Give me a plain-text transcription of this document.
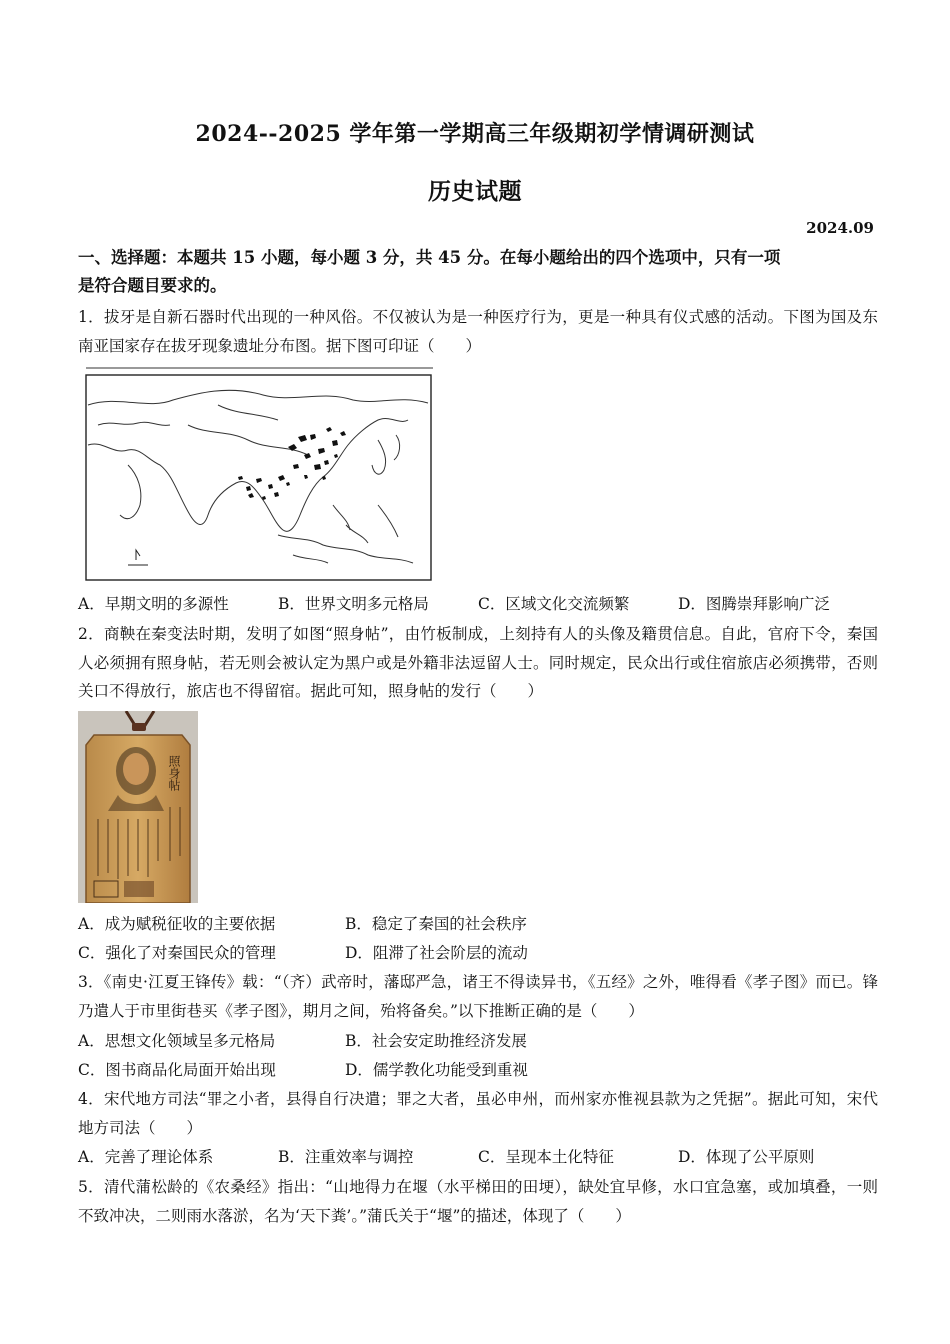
2024--2025 学年第一学期高三年级期初学情调研测试
历史试题
2024.09
一、选择题：本题共 15 小题，每小题 3 分，共 45 分。在每小题给出的四个选项中，只有一项
是符合题目要求的。
1．拔牙是自新石器时代出现的一种风俗。不仅被认为是一种医疗行为，更是一种具有仪式感的活动。下图为国及东南亚国家存在拔牙现象遗址分布图。据下图可印证（　　）
A．早期文明的多源性	B．世界文明多元格局	C．区域文化交流频繁	D．图腾崇拜影响广泛
2．商鞅在秦变法时期，发明了如图“照身帖”，由竹板制成，上刻持有人的头像及籍贯信息。自此，官府下令，秦国人必须拥有照身帖，若无则会被认定为黑户或是外籍非法逗留人士。同时规定，民众出行或住宿旅店必须携带，否则关口不得放行，旅店也不得留宿。据此可知，照身帖的发行（　　）
照身帖
A．成为赋税征收的主要依据	B．稳定了秦国的社会秩序
C．强化了对秦国民众的管理	D．阻滞了社会阶层的流动
3．《南史·江夏王锋传》载：“（齐）武帝时，藩邸严急，诸王不得读异书，《五经》之外，唯得看《孝子图》而已。锋乃遣人于市里街巷买《孝子图》，期月之间，殆将备矣。”以下推断正确的是（　　）
A．思想文化领域呈多元格局	B．社会安定助推经济发展
C．图书商品化局面开始出现	D．儒学教化功能受到重视
4．宋代地方司法“罪之小者，县得自行决遣；罪之大者，虽必申州，而州家亦惟视县款为之凭据”。据此可知，宋代地方司法（　　）
A．完善了理论体系	B．注重效率与调控	C．呈现本土化特征	D．体现了公平原则
5．清代蒲松龄的《农桑经》指出：“山地得力在堰（水平梯田的田埂），缺处宜早修，水口宜急塞，或加填叠，一则不致冲决，二则雨水落淤，名为‘天下粪’。”蒲氏关于“堰”的描述，体现了（　　）
